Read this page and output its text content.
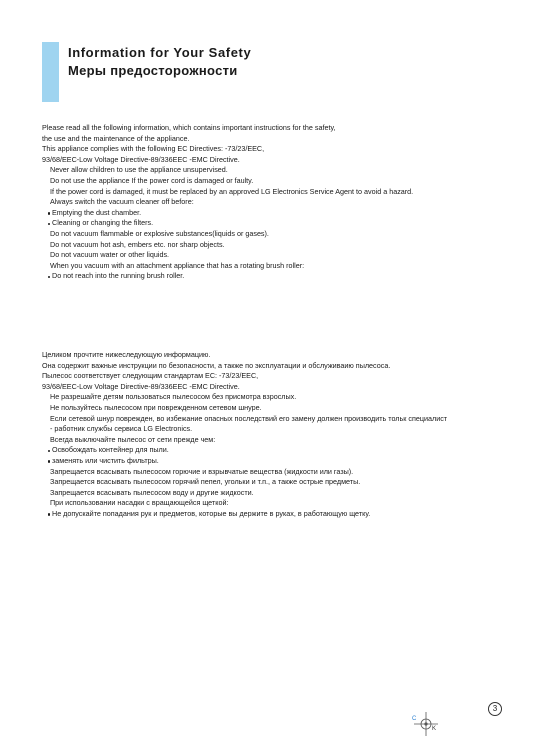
Information for Your Safety
Меры предосторожности
Please read all the following information, which contains important instructions for the safety,
the use and the maintenance of the appliance.
This appliance complies with the following EC Directives: -73/23/EEC,
93/68/EEC-Low Voltage Directive-89/336EEC -EMC Directive.
Never allow children to use the appliance unsupervised.
Do not use the appliance If the power cord is damaged or faulty.
If the power cord is damaged, it must be replaced by an approved LG Electronics Service Agent to avoid a hazard.
Always switch the vacuum cleaner off before:
Emptying the dust chamber.
Cleaning or changing the filters.
Do not vacuum flammable or explosive substances(liquids or gases).
Do not vacuum hot ash, embers etc. nor sharp objects.
Do not vacuum water or other liquids.
When you vacuum with an attachment appliance that has a rotating brush roller:
Do not reach into the running brush roller.
Целиком прочтите нижеследующую информацию.
Она содержит важные инструкции по безопасности, а также по эксплуатации и обслуживаию пылесоса.
Пылесос соответствует следующим стандартам ЕС: -73/23/EEC,
93/68/EEC-Low Voltage Directive-89/336EEC -EMC Directive.
Не разрешайте детям пользоваться пылесосом без присмотра взрослых.
Не пользуйтесь пылесосом при поврежденном сетевом шнуре.
Если сетевой шнур поврежден, во избежание опасных последствий его замену должен производить тольк специалист
- работник службы сервиса LG Electronics.
Всегда выключайте пылесос от сети прежде чем:
Освобождать контейнер для пыли.
заменять или чистить фильтры.
Запрещается всасывать пылесосом горючие и взрывчатые вещества (жидкости или газы).
Запрещается всасывать пылесосом горячий пепел, угольки и т.п., а также острые предметы.
Запрещается всасывать пылесосом воду и другие жидкости.
При использовании насадки с вращающейся щеткой:
Не допускайте попадания рук и предметов, которые вы держите в руках, в работающую щетку.
3
C
K
